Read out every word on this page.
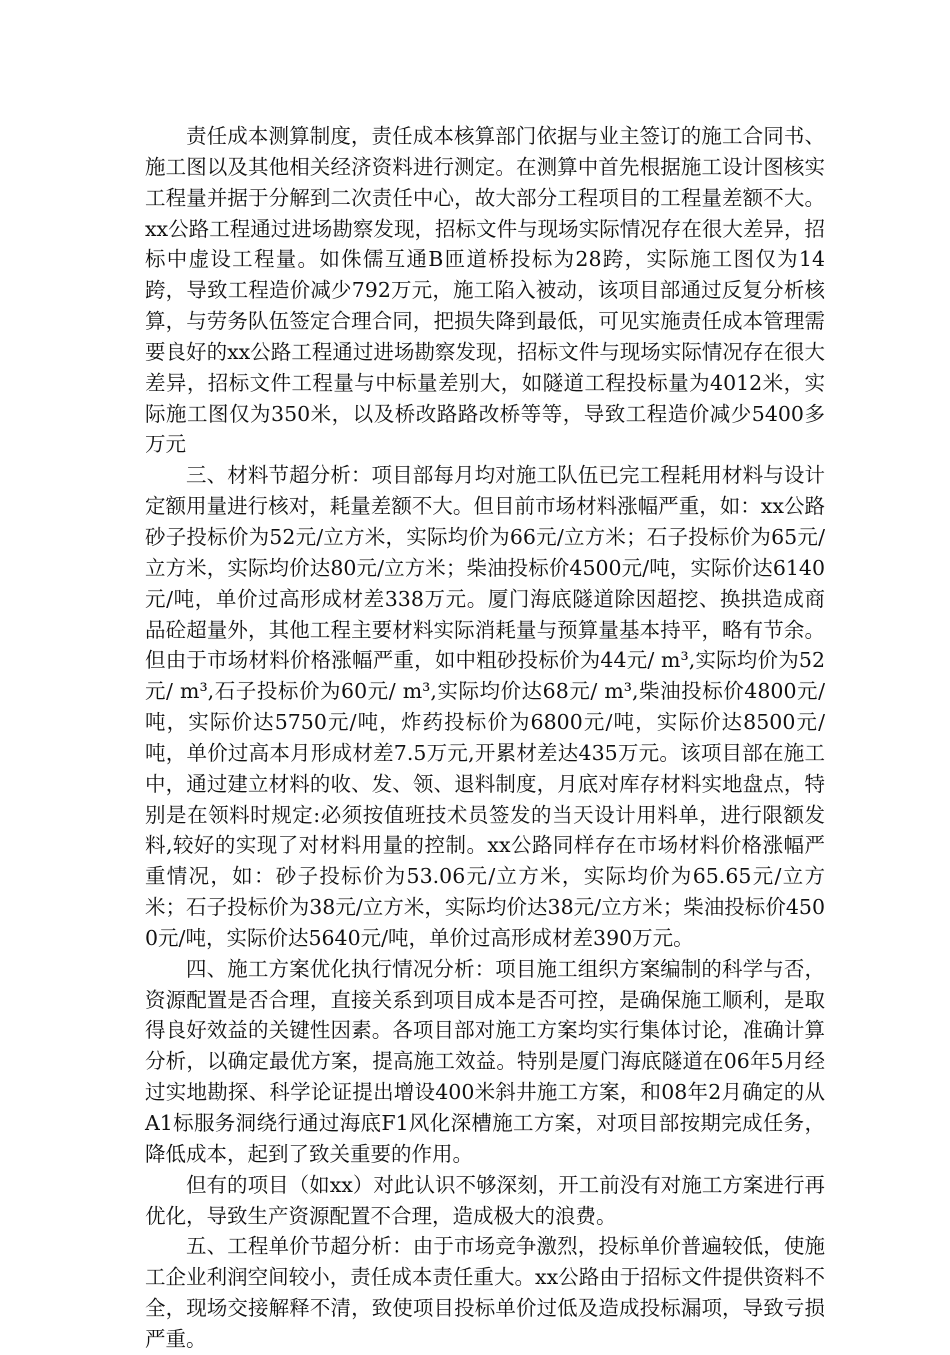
责任成本测算制度，责任成本核算部门依据与业主签订的施工合同书、施工图以及其他相关经济资料进行测定。在测算中首先根据施工设计图核实工程量并据于分解到二次责任中心，故大部分工程项目的工程量差额不大。xx公路工程通过进场勘察发现，招标文件与现场实际情况存在很大差异，招标中虚设工程量。如侏儒互通B匝道桥投标为28跨，实际施工图仅为14跨，导致工程造价减少792万元，施工陷入被动，该项目部通过反复分析核算，与劳务队伍签定合理合同，把损失降到最低，可见实施责任成本管理需要良好的xx公路工程通过进场勘察发现，招标文件与现场实际情况存在很大差异，招标文件工程量与中标量差别大，如隧道工程投标量为4012米，实际施工图仅为350米，以及桥改路路改桥等等，导致工程造价减少5400多万元

三、材料节超分析：项目部每月均对施工队伍已完工程耗用材料与设计定额用量进行核对，耗量差额不大。但目前市场材料涨幅严重，如：xx公路砂子投标价为52元/立方米，实际均价为66元/立方米；石子投标价为65元/立方米，实际均价达80元/立方米；柴油投标价4500元/吨，实际价达6140元/吨，单价过高形成材差338万元。厦门海底隧道除因超挖、换拱造成商品砼超量外，其他工程主要材料实际消耗量与预算量基本持平，略有节余。但由于市场材料价格涨幅严重，如中粗砂投标价为44元/ m³,实际均价为52元/ m³,石子投标价为60元/ m³,实际均价达68元/ m³,柴油投标价4800元/吨，实际价达5750元/吨，炸药投标价为6800元/吨，实际价达8500元/吨，单价过高本月形成材差7.5万元,开累材差达435万元。该项目部在施工中，通过建立材料的收、发、领、退料制度，月底对库存材料实地盘点，特别是在领料时规定:必须按值班技术员签发的当天设计用料单，进行限额发料,较好的实现了对材料用量的控制。xx公路同样存在市场材料价格涨幅严重情况，如：砂子投标价为53.06元/立方米，实际均价为65.65元/立方米；石子投标价为38元/立方米，实际均价达38元/立方米；柴油投标价4500元/吨，实际价达5640元/吨，单价过高形成材差390万元。

四、施工方案优化执行情况分析：项目施工组织方案编制的科学与否，资源配置是否合理，直接关系到项目成本是否可控，是确保施工顺利，是取得良好效益的关键性因素。各项目部对施工方案均实行集体讨论，准确计算分析，以确定最优方案，提高施工效益。特别是厦门海底隧道在06年5月经过实地勘探、科学论证提出增设400米斜井施工方案，和08年2月确定的从A1标服务洞绕行通过海底F1风化深槽施工方案，对项目部按期完成任务，降低成本，起到了致关重要的作用。

但有的项目（如xx）对此认识不够深刻，开工前没有对施工方案进行再优化，导致生产资源配置不合理，造成极大的浪费。

五、工程单价节超分析：由于市场竞争激烈，投标单价普遍较低，使施工企业利润空间较小，责任成本责任重大。xx公路由于招标文件提供资料不全，现场交接解释不清，致使项目投标单价过低及造成投标漏项，导致亏损严重。
